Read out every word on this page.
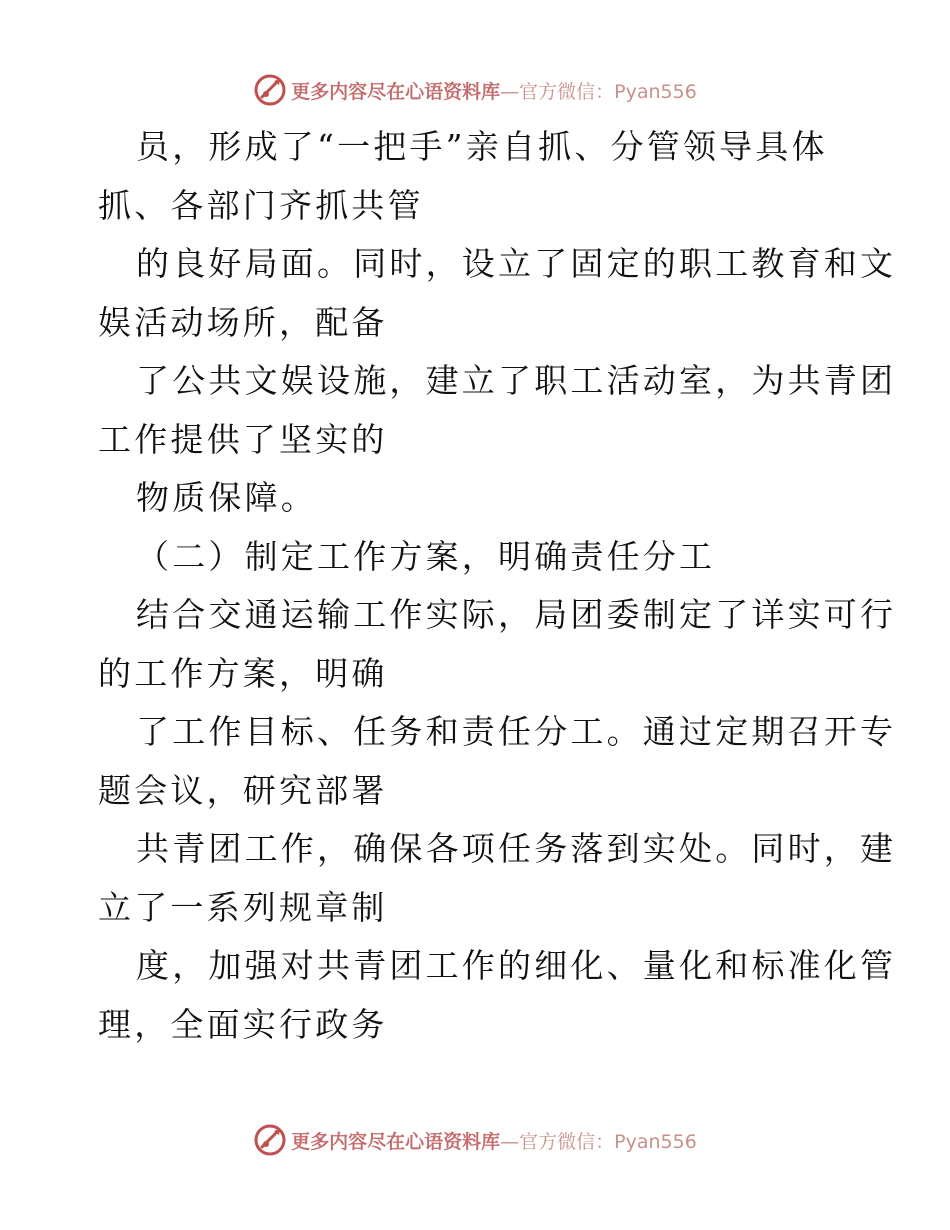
更多内容尽在心语资料库—官方微信：Pyan556
员，形成了“一把手”亲自抓、分管领导具体
抓、各部门齐抓共管
的良好局面。同时，设立了固定的职工教育和文
娱活动场所，配备
了公共文娱设施，建立了职工活动室，为共青团
工作提供了坚实的
物质保障。
（二）制定工作方案，明确责任分工
结合交通运输工作实际，局团委制定了详实可行
的工作方案，明确
了工作目标、任务和责任分工。通过定期召开专
题会议，研究部署
共青团工作，确保各项任务落到实处。同时，建
立了一系列规章制
度，加强对共青团工作的细化、量化和标准化管
理，全面实行政务
更多内容尽在心语资料库—官方微信：Pyan556
